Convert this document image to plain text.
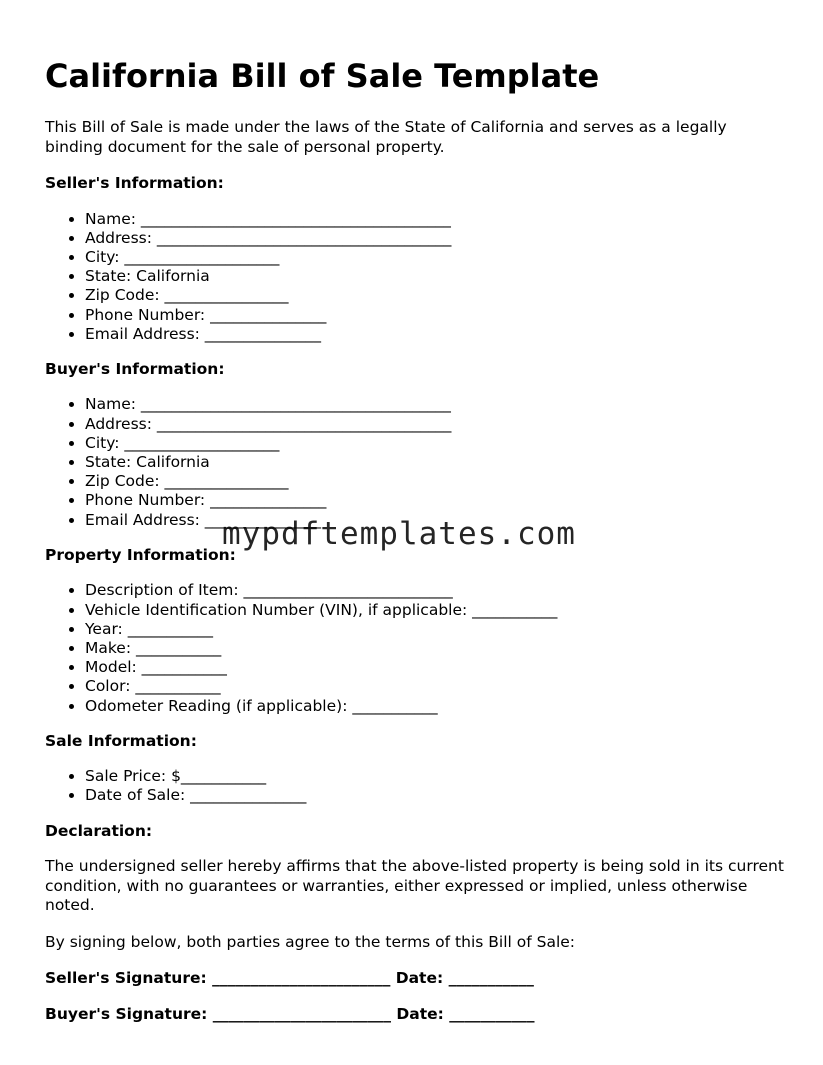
California Bill of Sale Template

This Bill of Sale is made under the laws of the State of California and serves as a legally binding document for the sale of personal property.

Seller's Information:
• Name: ________________________________________
• Address: ______________________________________
• City: ____________________
• State: California
• Zip Code: ________________
• Phone Number: _______________
• Email Address: _______________
Buyer's Information:
• Name: ________________________________________
• Address: ______________________________________
• City: ____________________
• State: California
• Zip Code: ________________
• Phone Number: _______________
• Email Address: _______________
Property Information:
• Description of Item: ___________________________
• Vehicle Identification Number (VIN), if applicable: ___________
• Year: ___________
• Make: ___________
• Model: ___________
• Color: ___________
• Odometer Reading (if applicable): ___________
Sale Information:
• Sale Price: $___________
• Date of Sale: _______________
Declaration:

The undersigned seller hereby affirms that the above-listed property is being sold in its current condition, with no guarantees or warranties, either expressed or implied, unless otherwise noted.

By signing below, both parties agree to the terms of this Bill of Sale:

Seller's Signature: _______________________ Date: ___________
Buyer's Signature: _______________________ Date: ___________
mypdftemplates.com
